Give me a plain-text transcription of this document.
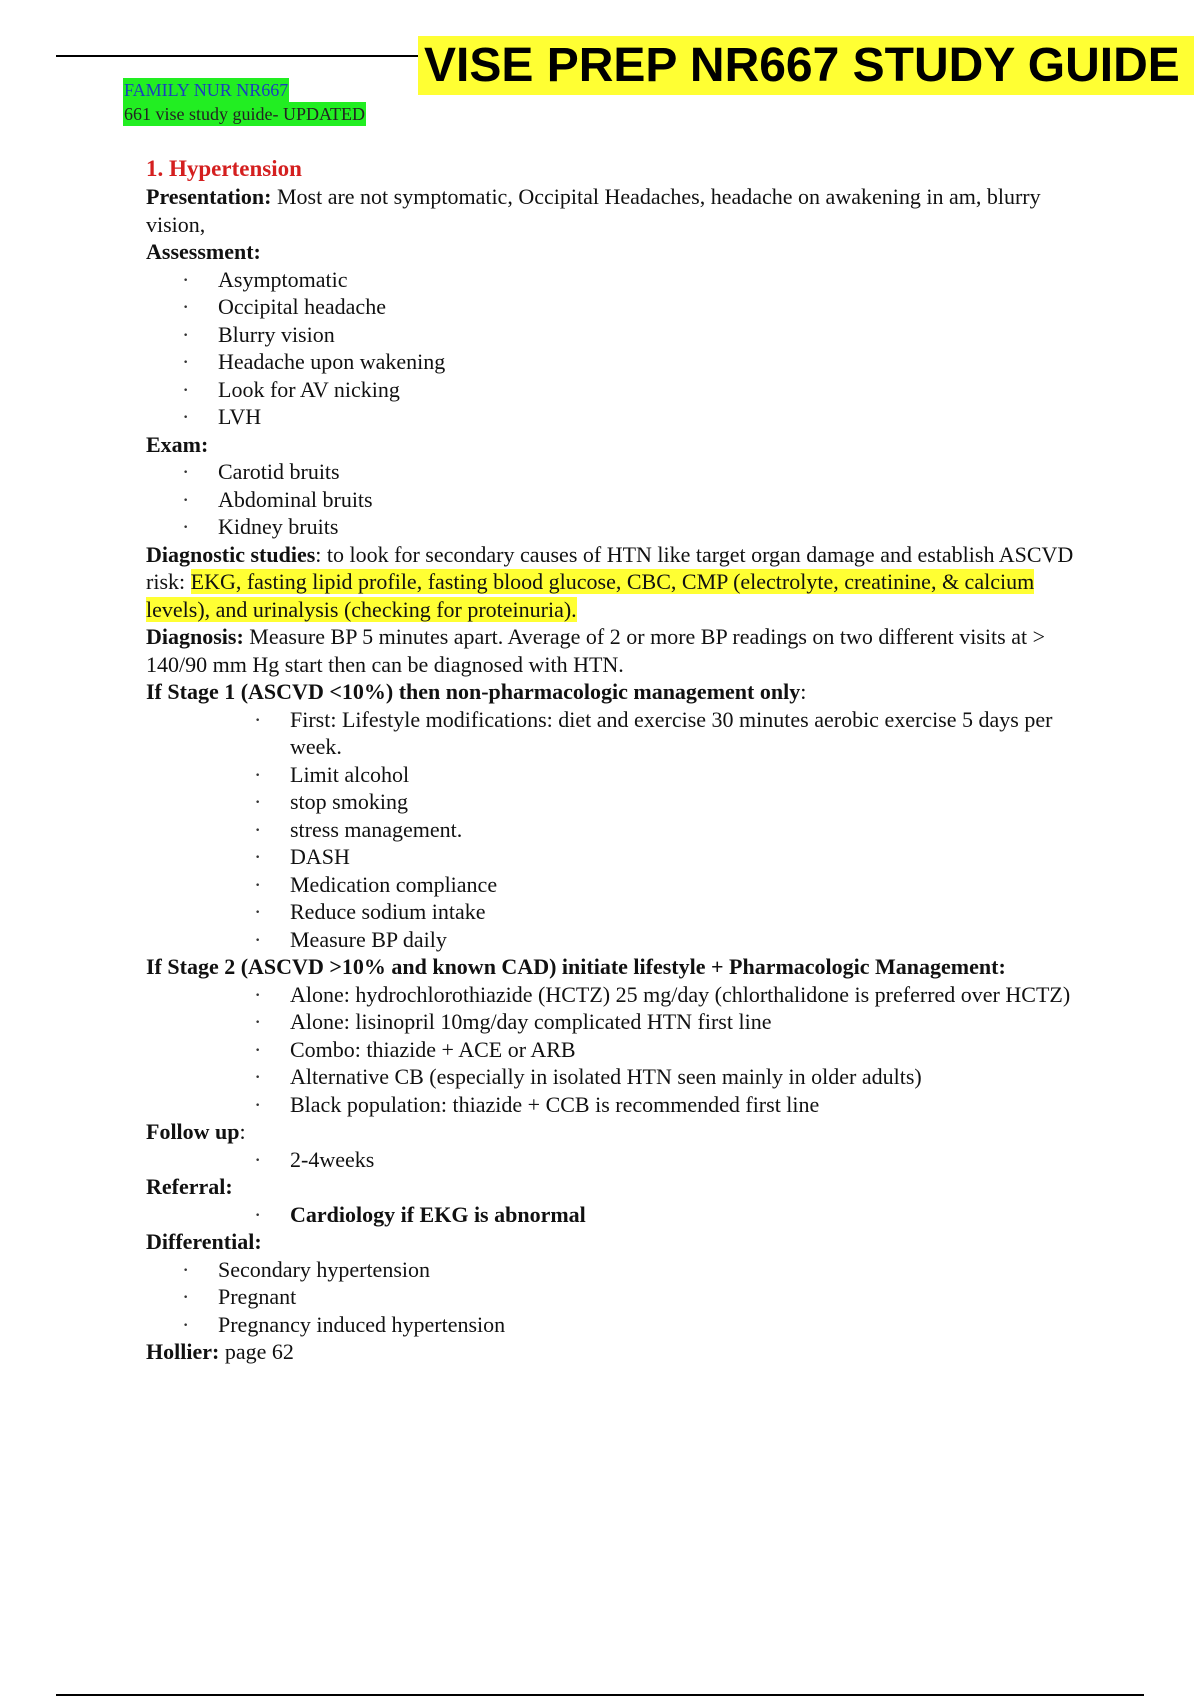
VISE PREP NR667 STUDY GUIDE
FAMILY NUR NR667
661 vise study guide- UPDATED

1. Hypertension

Presentation: Most are not symptomatic, Occipital Headaches, headache on awakening in am, blurry vision,

Assessment:

· Asymptomatic
· Occipital headache
· Blurry vision
· Headache upon wakening
· Look for AV nicking
· LVH

Exam:

· Carotid bruits
· Abdominal bruits
· Kidney bruits

Diagnostic studies: to look for secondary causes of HTN like target organ damage and establish ASCVD risk: EKG, fasting lipid profile, fasting blood glucose, CBC, CMP (electrolyte, creatinine, & calcium levels), and urinalysis (checking for proteinuria).

Diagnosis: Measure BP 5 minutes apart. Average of 2 or more BP readings on two different visits at > 140/90 mm Hg start then can be diagnosed with HTN.

If Stage 1 (ASCVD <10%) then non-pharmacologic management only:

· First: Lifestyle modifications: diet and exercise 30 minutes aerobic exercise 5 days per week.
· Limit alcohol
· stop smoking
· stress management.
· DASH
· Medication compliance
· Reduce sodium intake
· Measure BP daily

If Stage 2 (ASCVD >10% and known CAD) initiate lifestyle + Pharmacologic Management:

· Alone: hydrochlorothiazide (HCTZ) 25 mg/day (chlorthalidone is preferred over HCTZ)
· Alone: lisinopril 10mg/day complicated HTN first line
· Combo: thiazide + ACE or ARB
· Alternative CB (especially in isolated HTN seen mainly in older adults)
· Black population: thiazide + CCB is recommended first line

Follow up:

· 2-4weeks

Referral:

· Cardiology if EKG is abnormal

Differential:

· Secondary hypertension
· Pregnant
· Pregnancy induced hypertension

Hollier: page 62
